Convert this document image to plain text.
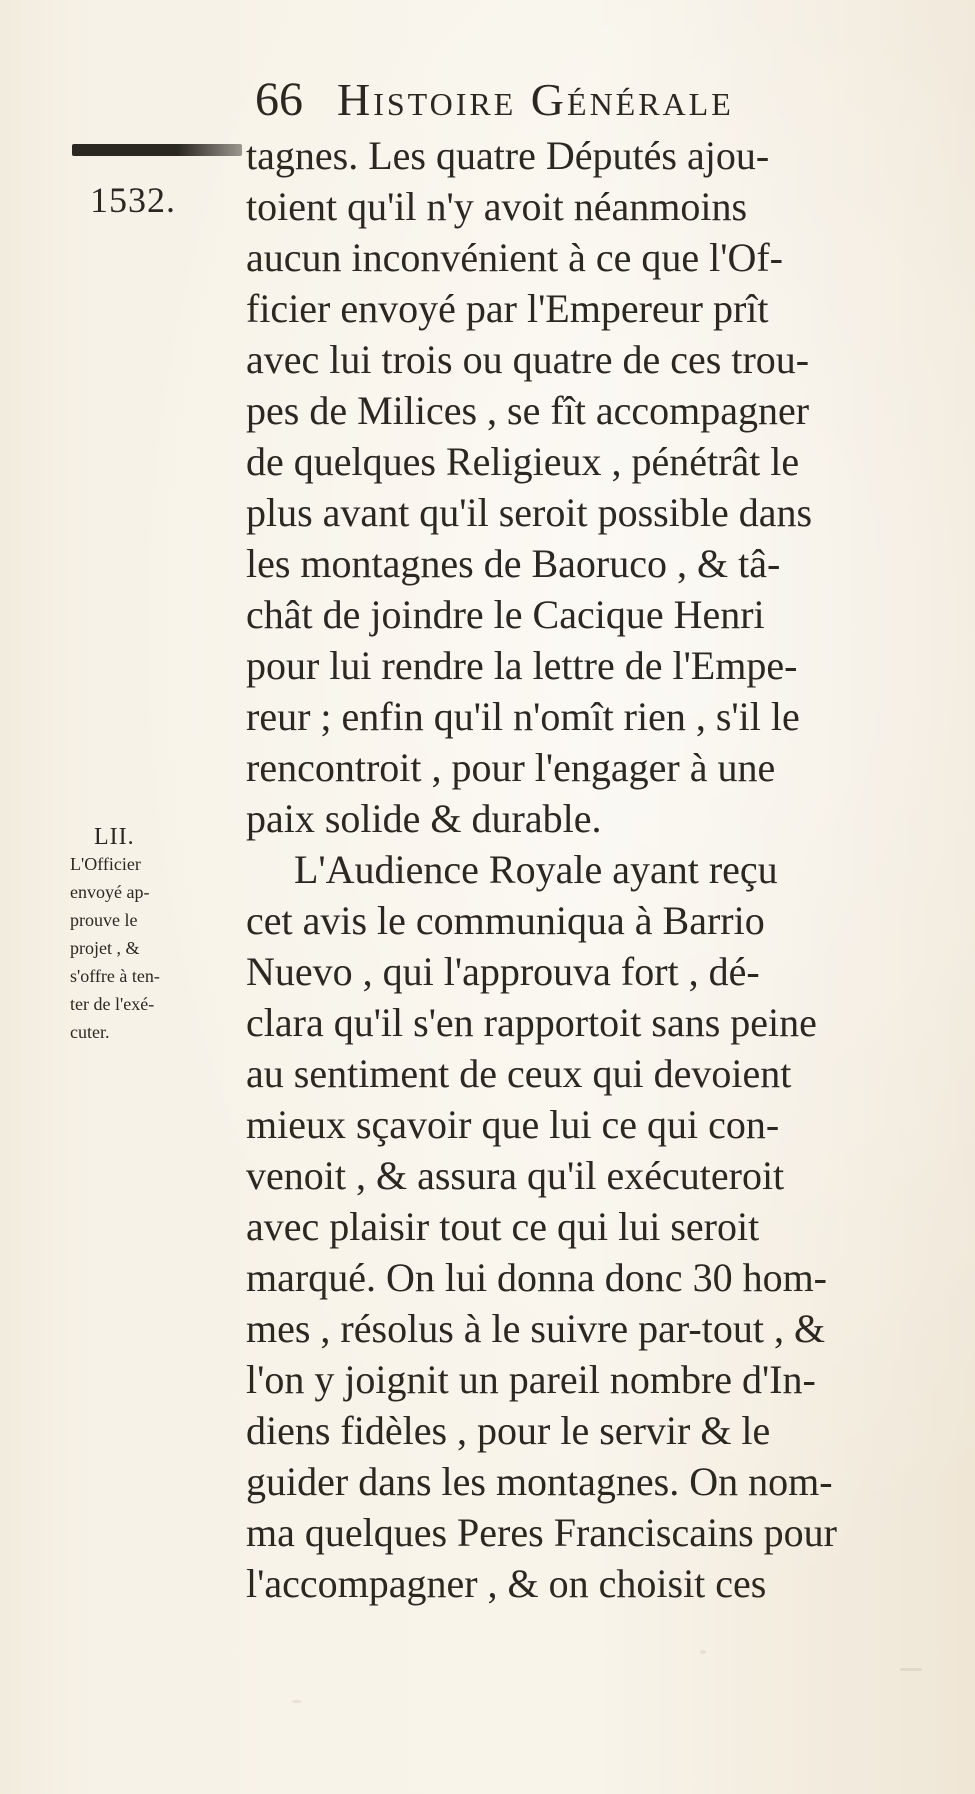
66 Histoire Générale
1532.
tagnes. Les quatre Députés ajou-
toient qu'il n'y avoit néanmoins
aucun inconvénient à ce que l'Of-
ficier envoyé par l'Empereur prît
avec lui trois ou quatre de ces trou-
pes de Milices , se fît accompagner
de quelques Religieux , pénétrât le
plus avant qu'il seroit possible dans
les montagnes de Baoruco , & tâ-
chât de joindre le Cacique Henri
pour lui rendre la lettre de l'Empe-
reur ; enfin qu'il n'omît rien , s'il le
rencontroit , pour l'engager à une
paix solide & durable.
L'Audience Royale ayant reçu
cet avis le communiqua à Barrio
Nuevo , qui l'approuva fort , dé-
clara qu'il s'en rapportoit sans peine
au sentiment de ceux qui devoient
mieux sçavoir que lui ce qui con-
venoit , & assura qu'il exécuteroit
avec plaisir tout ce qui lui seroit
marqué. On lui donna donc 30 hom-
mes , résolus à le suivre par-tout , &
l'on y joignit un pareil nombre d'In-
diens fidèles , pour le servir & le
guider dans les montagnes. On nom-
ma quelques Peres Franciscains pour
l'accompagner , & on choisit ces
LII.
L'Officier
envoyé ap-
prouve le
projet , &
s'offre à ten-
ter de l'exé-
cuter.
